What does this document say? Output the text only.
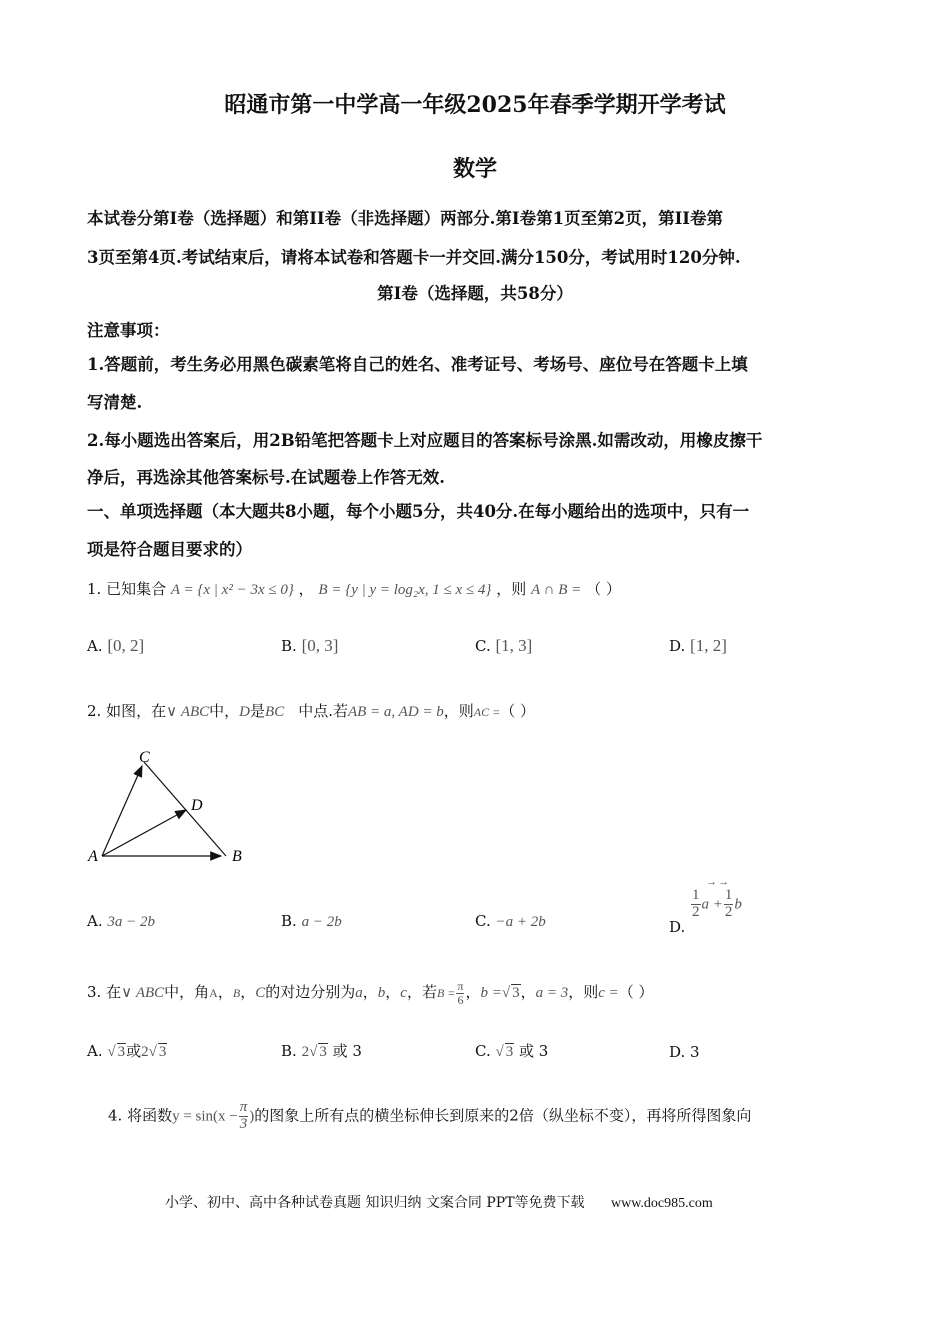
昭通市第一中学高一年级2025年春季学期开学考试
数学
本试卷分第I卷（选择题）和第II卷（非选择题）两部分.第I卷第1页至第2页，第II卷第
3页至第4页.考试结束后，请将本试卷和答题卡一并交回.满分150分，考试用时120分钟.
第I卷（选择题，共58分）
注意事项：
1.答题前，考生务必用黑色碳素笔将自己的姓名、准考证号、考场号、座位号在答题卡上填
写清楚.
2.每小题选出答案后，用2B铅笔把答题卡上对应题目的答案标号涂黑.如需改动，用橡皮擦干
净后，再选涂其他答案标号.在试题卷上作答无效.
一、单项选择题（本大题共8小题，每个小题5分，共40分.在每小题给出的选项中，只有一
项是符合题目要求的）
1. 已知集合 A = {x | x² − 3x ≤ 0} ， B = {y | y = log₂x, 1 ≤ x ≤ 4} ，则 A ∩ B = （ ）
A. [0, 2]	B. [0, 3]	C. [1, 3]	D. [1, 2]
2. 如图，在∨ ABC中，D是BC 中点.若AB = a, AD = b，则AC =（ ）
A	B
C
D
A. 3a − 2b	B. a − 2b	C. −a + 2b	D.
→→
$\frac{1}{2}$ $a + \frac{1}{2}$ b
3. 在∨ ABC中，角A，B，C的对边分别为a，b，c，若$B = \frac{\pi}{6}$ ，b =√ 3，a = 3，则c =（ ）
A. √ 3或2√ 3	B. 2√ 3 或 3	C. √ 3 或 3	D. 3
4. 将函数$y = \sin(x - \frac{\pi}{3}$ )的图象上所有点的横坐标伸长到原来的2倍（纵坐标不变），再将所得图象向
小学、初中、高中各种试卷真题 知识归纳 文案合同 PPT等免费下载 www.doc985.com
